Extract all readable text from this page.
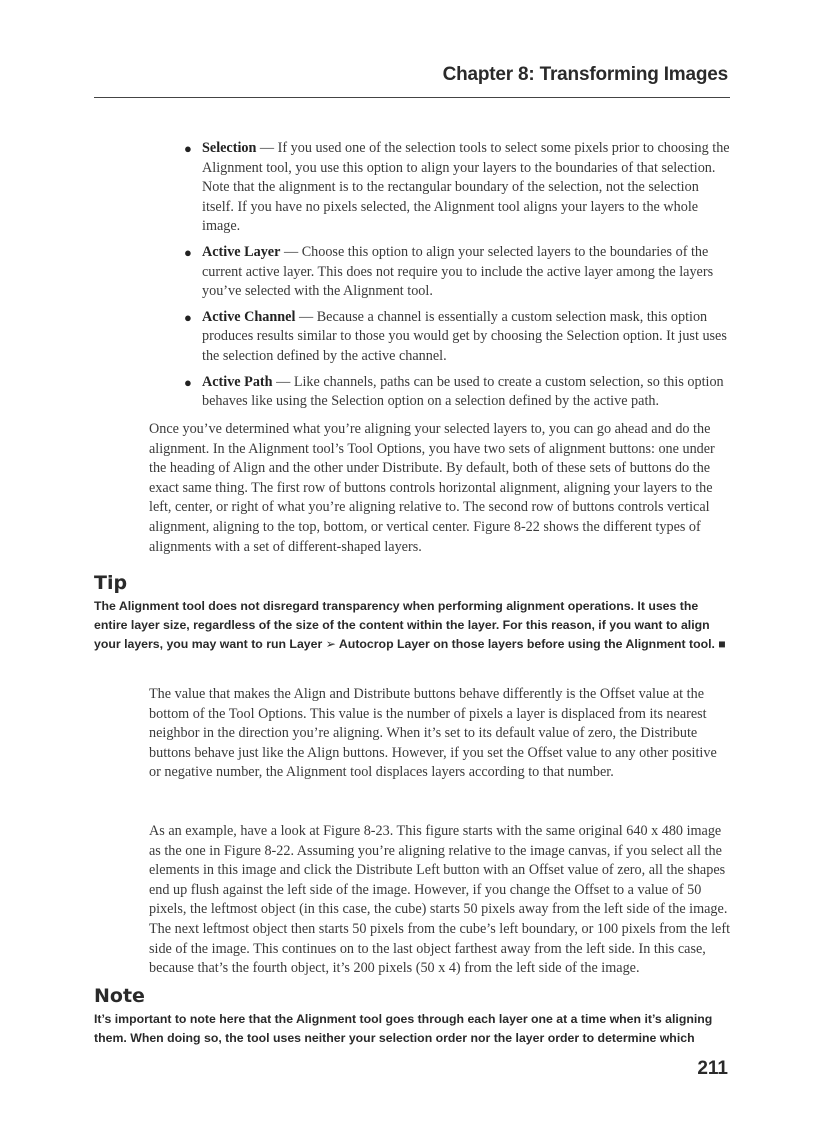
Chapter 8: Transforming Images
● Selection — If you used one of the selection tools to select some pixels prior to choosing the Alignment tool, you use this option to align your layers to the boundaries of that selection. Note that the alignment is to the rectangular boundary of the selection, not the selection itself. If you have no pixels selected, the Alignment tool aligns your layers to the whole image.
● Active Layer — Choose this option to align your selected layers to the boundaries of the current active layer. This does not require you to include the active layer among the layers you’ve selected with the Alignment tool.
● Active Channel — Because a channel is essentially a custom selection mask, this option produces results similar to those you would get by choosing the Selection option. It just uses the selection defined by the active channel.
● Active Path — Like channels, paths can be used to create a custom selection, so this option behaves like using the Selection option on a selection defined by the active path.

Once you’ve determined what you’re aligning your selected layers to, you can go ahead and do the alignment. In the Alignment tool’s Tool Options, you have two sets of alignment buttons: one under the heading of Align and the other under Distribute. By default, both of these sets of buttons do the exact same thing. The first row of buttons controls horizontal alignment, aligning your layers to the left, center, or right of what you’re aligning relative to. The second row of buttons controls vertical alignment, aligning to the top, bottom, or vertical center. Figure 8-22 shows the different types of alignments with a set of different-shaped layers.

Tip

The Alignment tool does not disregard transparency when performing alignment operations. It uses the entire layer size, regardless of the size of the content within the layer. For this reason, if you want to align your layers, you may want to run Layer ➢ Autocrop Layer on those layers before using the Alignment tool. ■

The value that makes the Align and Distribute buttons behave differently is the Offset value at the bottom of the Tool Options. This value is the number of pixels a layer is displaced from its nearest neighbor in the direction you’re aligning. When it’s set to its default value of zero, the Distribute buttons behave just like the Align buttons. However, if you set the Offset value to any other positive or negative number, the Alignment tool displaces layers according to that number.

As an example, have a look at Figure 8-23. This figure starts with the same original 640 x 480 image as the one in Figure 8-22. Assuming you’re aligning relative to the image canvas, if you select all the elements in this image and click the Distribute Left button with an Offset value of zero, all the shapes end up flush against the left side of the image. However, if you change the Offset to a value of 50 pixels, the leftmost object (in this case, the cube) starts 50 pixels away from the left side of the image. The next leftmost object then starts 50 pixels from the cube’s left boundary, or 100 pixels from the left side of the image. This continues on to the last object farthest away from the left side. In this case, because that’s the fourth object, it’s 200 pixels (50 x 4) from the left side of the image.

Note

It’s important to note here that the Alignment tool goes through each layer one at a time when it’s aligning them. When doing so, the tool uses neither your selection order nor the layer order to determine which

211
